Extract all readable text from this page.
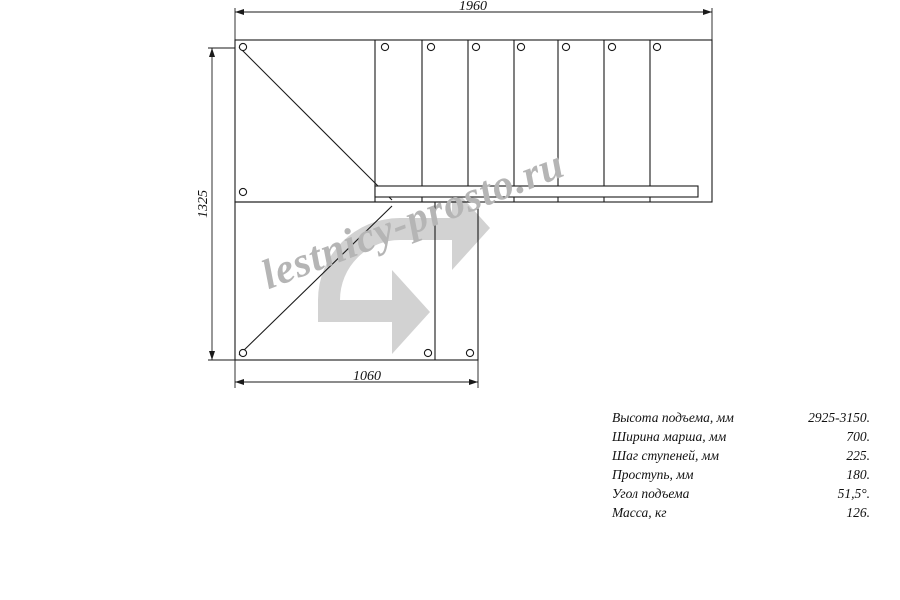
1960
1325
1060
lestnicy-prosto.ru
Высота подъема, мм	2925-3150.
Ширина марша, мм	700.
Шаг ступеней, мм	225.
Проступь, мм	180.
Угол подъема	51,5°.
Масса, кг	126.
